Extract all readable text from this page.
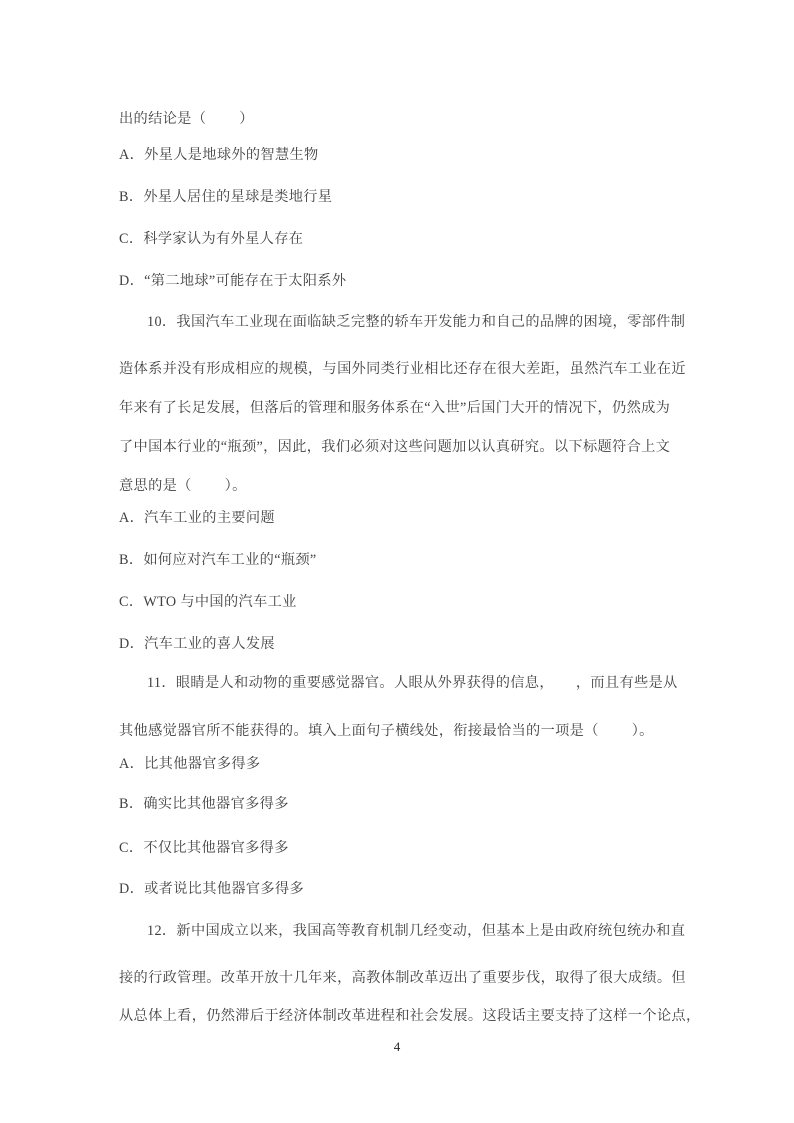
出的结论是（　　 ）
A．外星人是地球外的智慧生物
B．外星人居住的星球是类地行星
C．科学家认为有外星人存在
D．“第二地球”可能存在于太阳系外
10．我国汽车工业现在面临缺乏完整的轿车开发能力和自己的品牌的困境，零部件制
造体系并没有形成相应的规模，与国外同类行业相比还存在很大差距，虽然汽车工业在近
年来有了长足发展，但落后的管理和服务体系在“入世”后国门大开的情况下，仍然成为
了中国本行业的“瓶颈”，因此，我们必须对这些问题加以认真研究。以下标题符合上文
意思的是（　　 ）。
A．汽车工业的主要问题
B．如何应对汽车工业的“瓶颈”
C．WTO 与中国的汽车工业
D．汽车工业的喜人发展
11．眼睛是人和动物的重要感觉器官。人眼从外界获得的信息，　　，而且有些是从
其他感觉器官所不能获得的。填入上面句子横线处，衔接最恰当的一项是（　　 ）。
A．比其他器官多得多
B．确实比其他器官多得多
C．不仅比其他器官多得多
D．或者说比其他器官多得多
12．新中国成立以来，我国高等教育机制几经变动，但基本上是由政府统包统办和直
接的行政管理。改革开放十几年来，高教体制改革迈出了重要步伐，取得了很大成绩。但
从总体上看，仍然滞后于经济体制改革进程和社会发展。这段话主要支持了这样一个论点，
4
